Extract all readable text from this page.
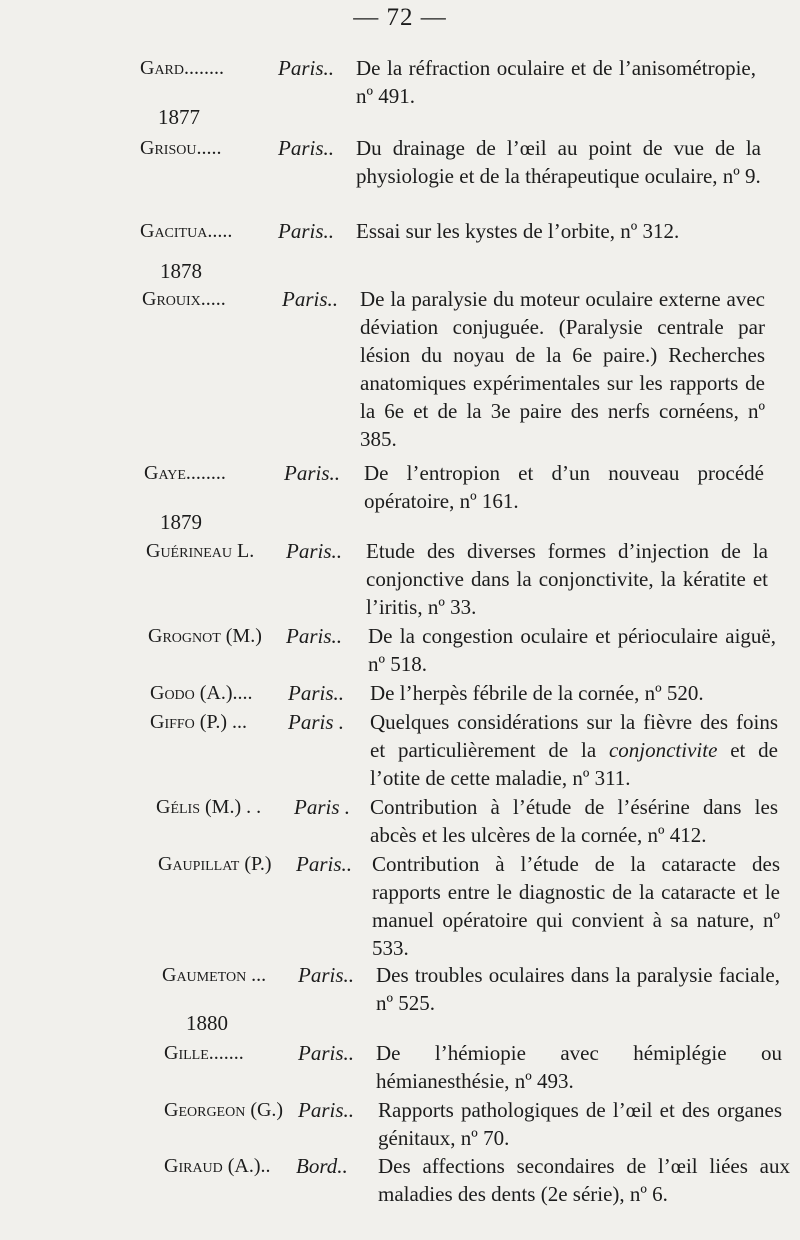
— 72 —
1877
1878
1879
1880
Gard........	Paris.. De la réfraction oculaire et de l’anisométropie, nº 491.
Grisou.....	Paris.. Du drainage de l’œil au point de vue de la physiologie et de la thérapeutique oculaire, nº 9.
Gacitua..... Paris.. Essai sur les kystes de l’orbite, nº 312.
Grouix.....	Paris.. De la paralysie du moteur oculaire externe avec déviation conjuguée. (Paralysie centrale par lésion du noyau de la 6e paire.) Recherches anatomiques expérimentales sur les rapports de la 6e et de la 3e paire des nerfs cornéens, nº 385.
Gaye........	Paris.. De l’entropion et d’un nouveau procédé opératoire, nº 161.
Guérineau L. Paris.. Etude des diverses formes d’injection de la conjonctive dans la conjonctivite, la kératite et l’iritis, nº 33.
Grognot (M.) Paris.. De la congestion oculaire et périoculaire aiguë, nº 518.
Godo (A.).... Paris.. De l’herpès fébrile de la cornée, nº 520.
Giffo (P.) ... Paris . Quelques considérations sur la fièvre des foins et particulièrement de la conjonctivite et de l’otite de cette maladie, nº 311.
Gélis (M.) . . Paris . Contribution à l’étude de l’ésérine dans les abcès et les ulcères de la cornée, nº 412.
Gaupillat (P.) Paris.. Contribution à l’étude de la cataracte des rapports entre le diagnostic de la cataracte et le manuel opératoire qui convient à sa nature, nº 533.
Gaumeton ... Paris.. Des troubles oculaires dans la paralysie faciale, nº 525.
Gille.......	Paris.. De l’hémiopie avec hémiplégie ou hémianesthésie, nº 493.
Georgeon (G.) Paris.. Rapports pathologiques de l’œil et des organes génitaux, nº 70.
Giraud (A.).. Bord.. Des affections secondaires de l’œil liées aux maladies des dents (2e série), nº 6.
